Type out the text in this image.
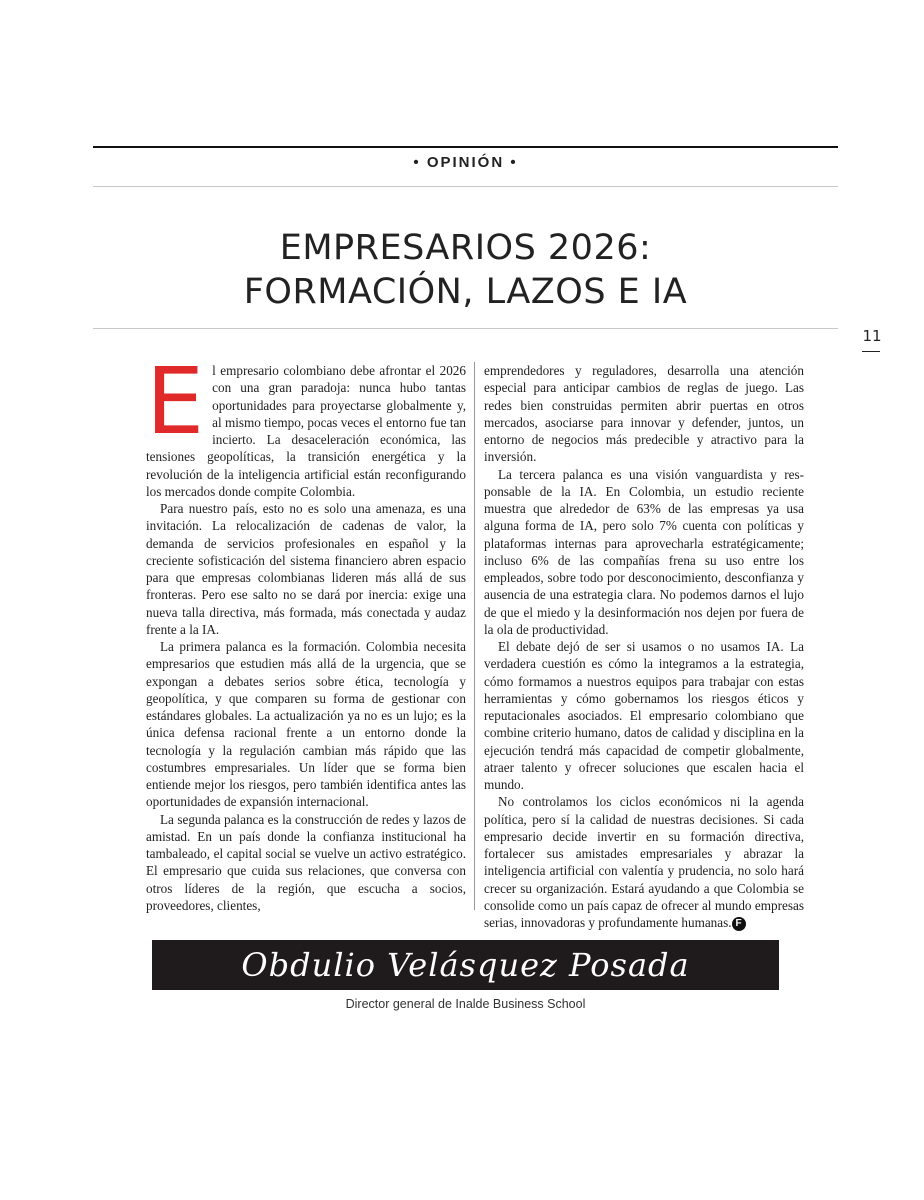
• OPINIÓN •
EMPRESARIOS 2026:
FORMACIÓN, LAZOS E IA
11

El empresario colombiano debe afrontar el 2026 con una gran paradoja: nunca hubo tantas oportunidades para proyectarse globalmente y, al mismo tiempo, pocas veces el entorno fue tan incierto. La desaceleración económica, las tensiones geopolíticas, la transición energética y la revolución de la inteligencia artificial están reconfigurando los mercados donde compite Colombia.

Para nuestro país, esto no es solo una amenaza, es una invitación. La relocalización de cadenas de valor, la demanda de servicios profesionales en español y la creciente sofisticación del sistema financiero abren espacio para que empresas colombianas lideren más allá de sus fronteras. Pero ese salto no se dará por inercia: exige una nueva talla directiva, más formada, más conectada y audaz frente a la IA.

La primera palanca es la formación. Colombia necesita empresarios que estudien más allá de la urgencia, que se expongan a debates serios sobre ética, tecnología y geopolítica, y que comparen su forma de gestionar con estándares globales. La actualización ya no es un lujo; es la única defensa racional frente a un entorno donde la tecnología y la regulación cambian más rápido que las costumbres empresariales. Un líder que se forma bien entiende mejor los riesgos, pero también identifica antes las oportunidades de expansión internacional.

La segunda palanca es la construcción de redes y lazos de amistad. En un país donde la confianza institucional ha tambaleado, el capital social se vuelve un activo estratégico. El empresario que cuida sus relaciones, que conversa con otros líderes de la región, que escucha a socios, proveedores, clientes,

emprendedores y reguladores, desarrolla una atención especial para anticipar cambios de reglas de juego. Las redes bien construidas permiten abrir puertas en otros mercados, asociarse para innovar y defender, juntos, un entorno de negocios más predecible y atractivo para la inversión.

La tercera palanca es una visión vanguardista y responsable de la IA. En Colombia, un estudio reciente muestra que alrededor de 63% de las empresas ya usa alguna forma de IA, pero solo 7% cuenta con políticas y plataformas internas para aprovecharla estratégicamente; incluso 6% de las compañías frena su uso entre los empleados, sobre todo por desconocimiento, desconfianza y ausencia de una estrategia clara. No podemos darnos el lujo de que el miedo y la desinformación nos dejen por fuera de la ola de productividad.

El debate dejó de ser si usamos o no usamos IA. La verdadera cuestión es cómo la integramos a la estrategia, cómo formamos a nuestros equipos para trabajar con estas herramientas y cómo gobernamos los riesgos éticos y reputacionales asociados. El empresario colombiano que combine criterio humano, datos de calidad y disciplina en la ejecución tendrá más capacidad de competir globalmente, atraer talento y ofrecer soluciones que escalen hacia el mundo.

No controlamos los ciclos económicos ni la agenda política, pero sí la calidad de nuestras decisiones. Si cada empresario decide invertir en su formación directiva, fortalecer sus amistades empresariales y abrazar la inteligencia artificial con valentía y prudencia, no solo hará crecer su organización. Estará ayudando a que Colombia se consolide como un país capaz de ofrecer al mundo empresas serias, innovadoras y profundamente humanas. F

Obdulio Velásquez Posada
Director general de Inalde Business School
